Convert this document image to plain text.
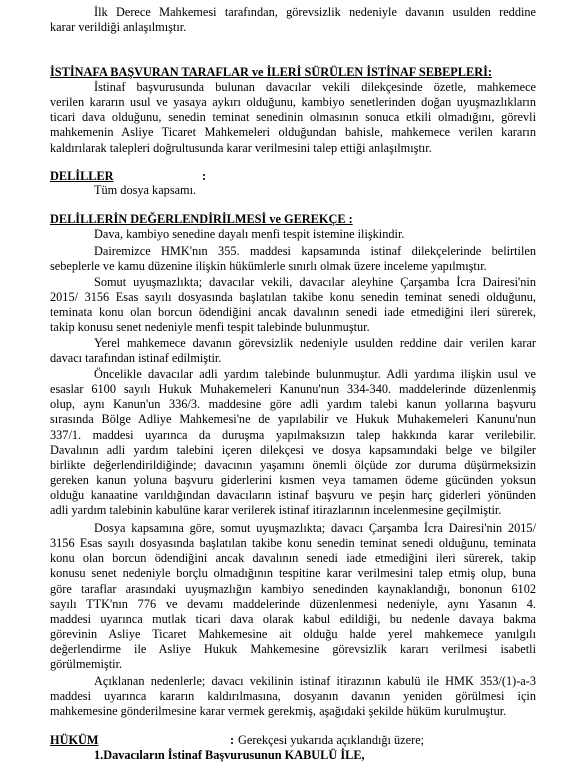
İlk Derece Mahkemesi tarafından, görevsizlik nedeniyle davanın usulden reddine
karar verildiği anlaşılmıştır.
İSTİNAFA BAŞVURAN TARAFLAR ve İLERİ SÜRÜLEN İSTİNAF SEBEPLERİ:
İstinaf başvurusunda bulunan davacılar vekili dilekçesinde özetle, mahkemece
verilen kararın usul ve yasaya aykırı olduğunu, kambiyo senetlerinden doğan uyuşmazlıkların
ticari dava olduğunu, senedin teminat senedinin olmasının sonuca etkili olmadığını, görevli
mahkemenin Asliye Ticaret Mahkemeleri olduğundan bahisle, mahkemece verilen kararın
kaldırılarak talepleri doğrultusunda karar verilmesini talep ettiği anlaşılmıştır.
DELİLLER	:
Tüm dosya kapsamı.
DELİLLERİN DEĞERLENDİRİLMESİ ve GEREKÇE :
Dava, kambiyo senedine dayalı menfi tespit istemine ilişkindir.
Dairemizce HMK'nın 355. maddesi kapsamında istinaf dilekçelerinde belirtilen
sebeplerle ve kamu düzenine ilişkin hükümlerle sınırlı olmak üzere inceleme yapılmıştır.
Somut uyuşmazlıkta; davacılar vekili, davacılar aleyhine Çarşamba İcra Dairesi'nin
2015/ 3156 Esas sayılı dosyasında başlatılan takibe konu senedin teminat senedi olduğunu,
teminata konu olan borcun ödendiğini ancak davalının senedi iade etmediğini ileri sürerek,
takip konusu senet nedeniyle menfi tespit talebinde bulunmuştur.
Yerel mahkemece davanın görevsizlik nedeniyle usulden reddine dair verilen karar
davacı tarafından istinaf edilmiştir.
Öncelikle davacılar adli yardım talebinde bulunmuştur. Adli yardıma ilişkin usul ve
esaslar 6100 sayılı Hukuk Muhakemeleri Kanunu'nun 334-340. maddelerinde düzenlenmiş
olup, aynı Kanun'un 336/3. maddesine göre adli yardım talebi kanun yollarına başvuru
sırasında Bölge Adliye Mahkemesi'ne de yapılabilir ve Hukuk Muhakemeleri Kanunu'nun
337/1. maddesi uyarınca da duruşma yapılmaksızın talep hakkında karar verilebilir.
Davalının adli yardım talebini içeren dilekçesi ve dosya kapsamındaki belge ve bilgiler
birlikte değerlendirildiğinde; davacının yaşamını önemli ölçüde zor duruma düşürmeksizin
gereken kanun yoluna başvuru giderlerini kısmen veya tamamen ödeme gücünden yoksun
olduğu kanaatine varıldığından davacıların istinaf başvuru ve peşin harç giderleri yönünden
adli yardım talebinin kabulüne karar verilerek istinaf itirazlarının incelenmesine geçilmiştir.
Dosya kapsamına göre, somut uyuşmazlıkta; davacı Çarşamba İcra Dairesi'nin 2015/
3156 Esas sayılı dosyasında başlatılan takibe konu senedin teminat senedi olduğunu, teminata
konu olan borcun ödendiğini ancak davalının senedi iade etmediğini ileri sürerek, takip
konusu senet nedeniyle borçlu olmadığının tespitine karar verilmesini talep etmiş olup, buna
göre taraflar arasındaki uyuşmazlığın kambiyo senedinden kaynaklandığı, bononun 6102
sayılı TTK'nın 776 ve devamı maddelerinde düzenlenmesi nedeniyle, aynı Yasanın 4.
maddesi uyarınca mutlak ticari dava olarak kabul edildiği, bu nedenle davaya bakma
görevinin Asliye Ticaret Mahkemesine ait olduğu halde yerel mahkemece yanılgılı
değerlendirme ile Asliye Hukuk Mahkemesine görevsizlik kararı verilmesi isabetli
görülmemiştir.
Açıklanan nedenlerle; davacı vekilinin istinaf itirazının kabulü ile HMK 353/(1)-a-3
maddesi uyarınca kararın kaldırılmasına, dosyanın davanın yeniden görülmesi için
mahkemesine gönderilmesine karar vermek gerekmiş, aşağıdaki şekilde hüküm kurulmuştur.
HÜKÜM	: Gerekçesi yukarıda açıklandığı üzere;
1.Davacıların İstinaf Başvurusunun KABULÜ İLE,
